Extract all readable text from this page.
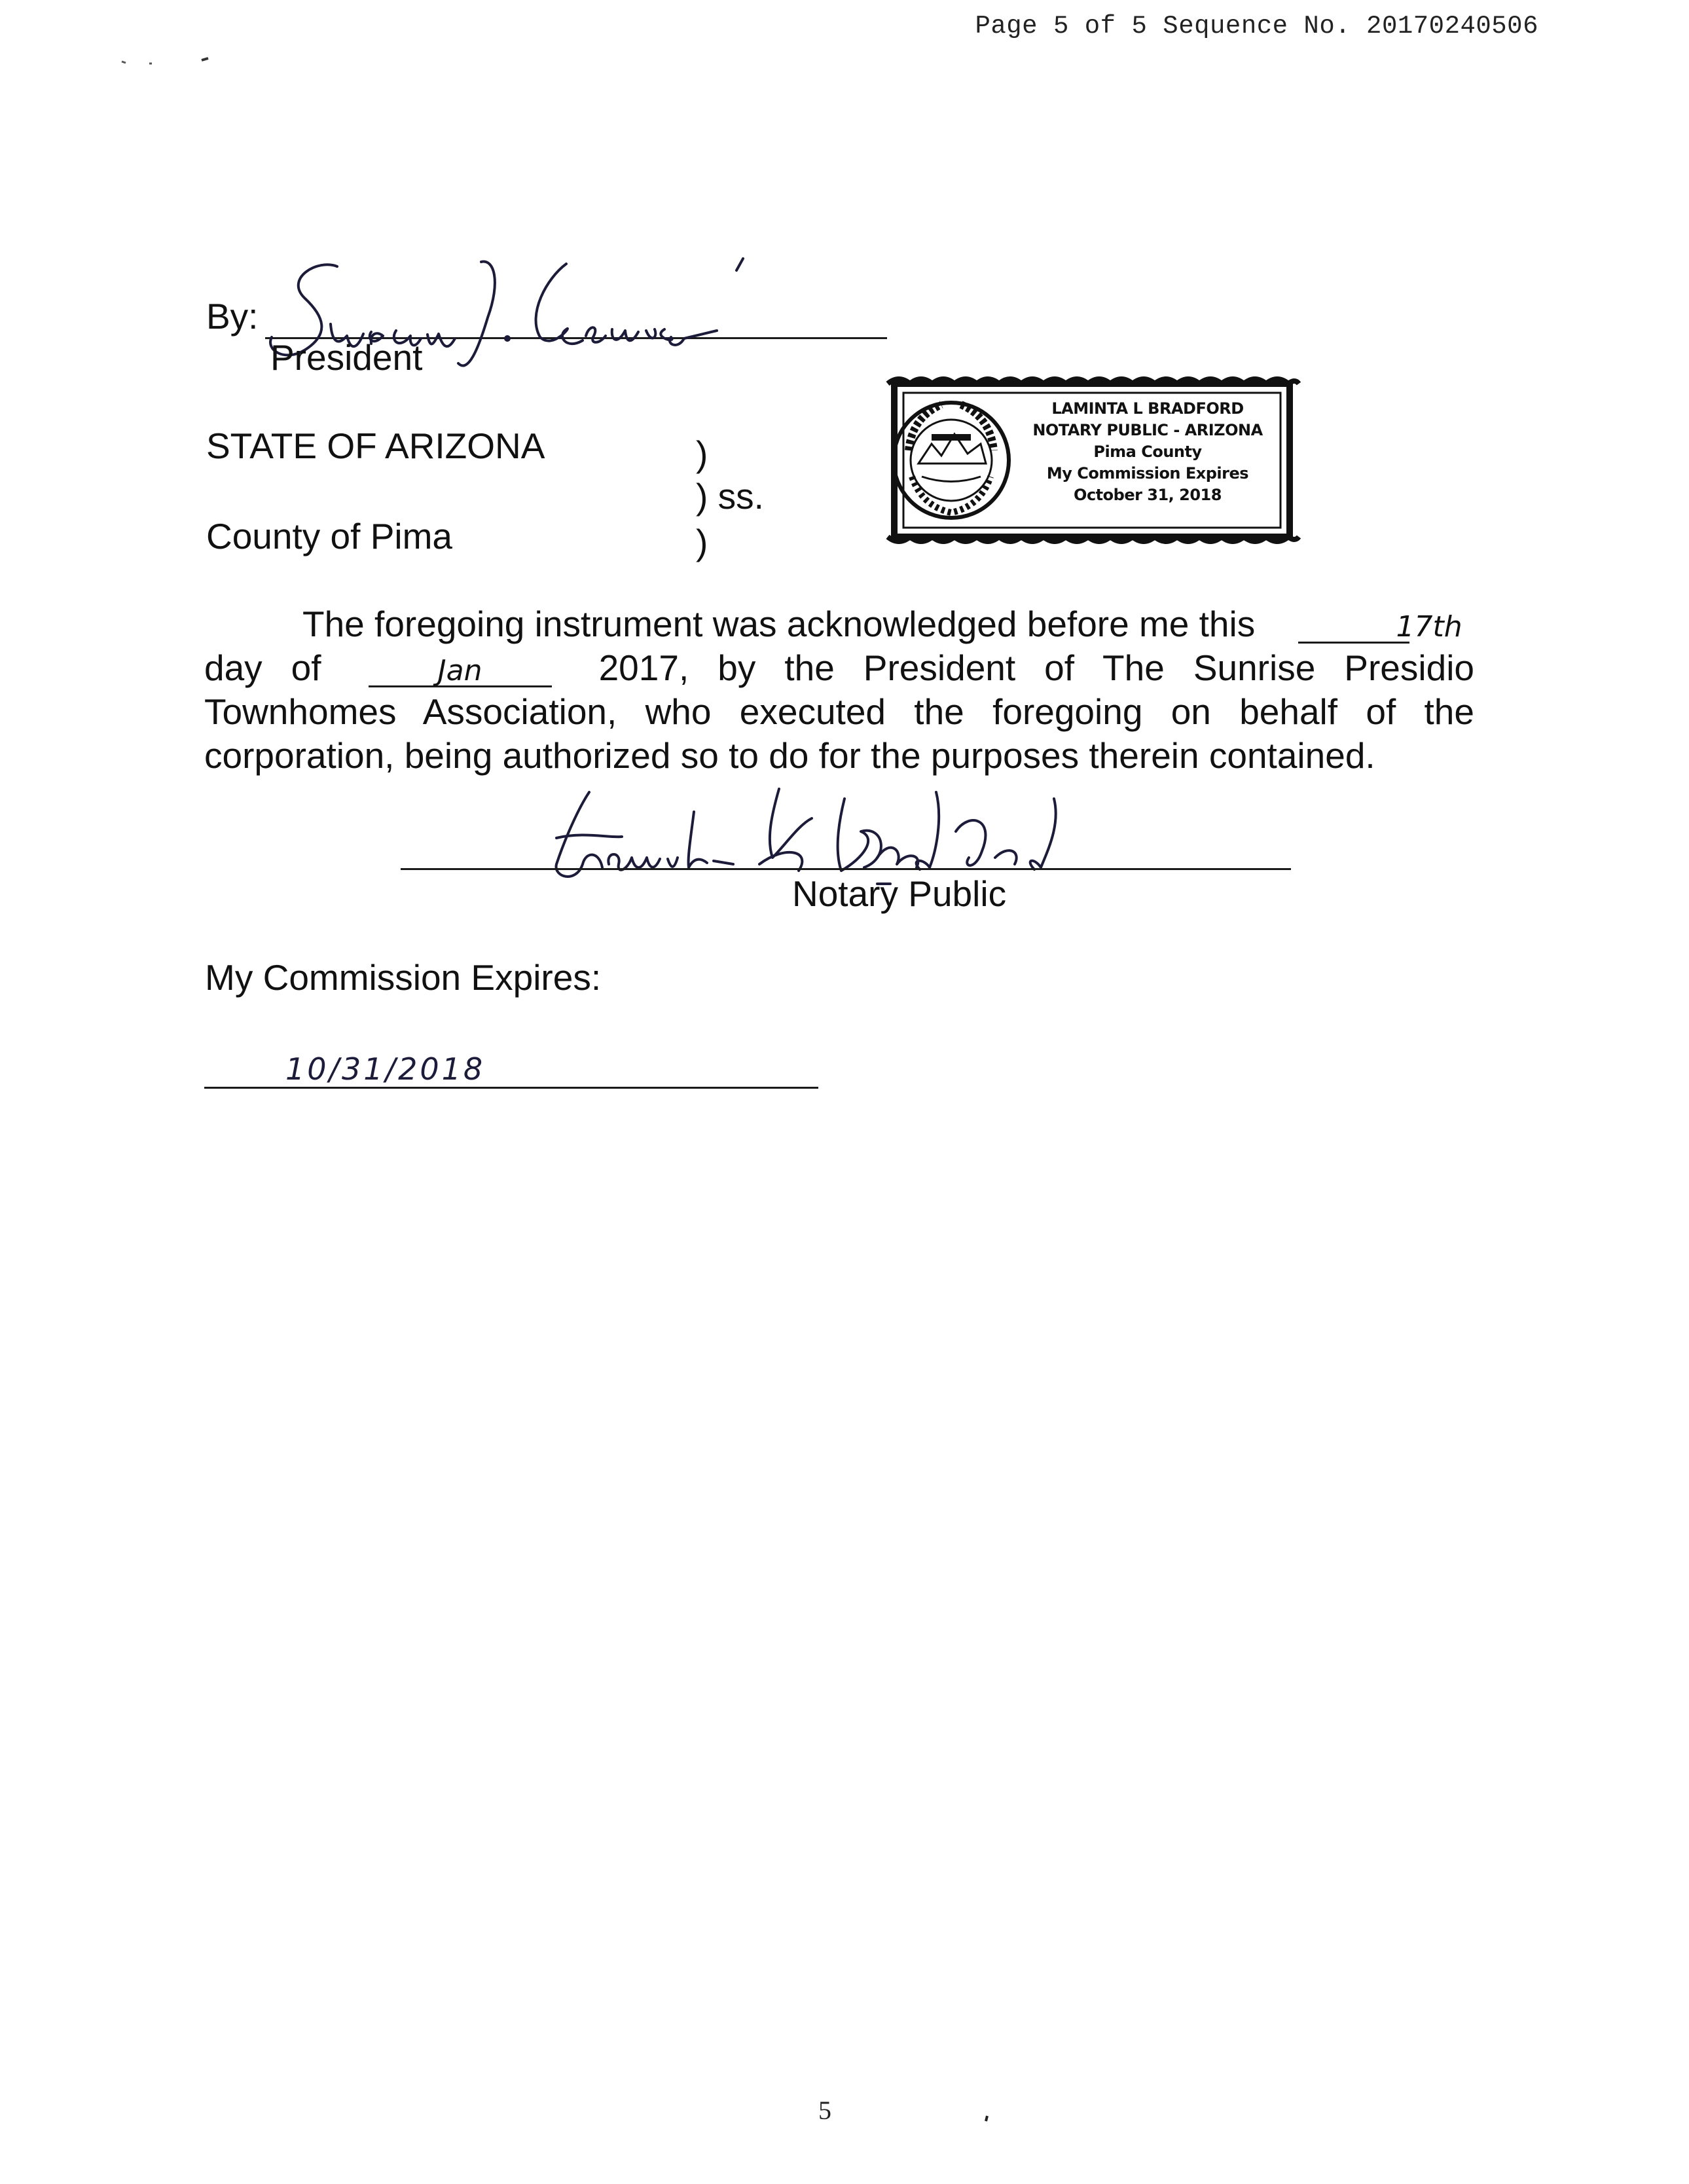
Page 5 of 5 Sequence No. 20170240506
By:
President
STATE OF ARIZONA	)
) ss.
County of Pima	)
LAMINTA L BRADFORD
NOTARY PUBLIC - ARIZONA
Pima County
My Commission Expires
October 31, 2018
The foregoing instrument was acknowledged before me this	17th
day of	Jan	2017, by the President of The Sunrise Presidio Townhomes Association, who executed the foregoing on behalf of the corporation, being authorized so to do for the purposes therein contained.
Notary Public
My Commission Expires:
10/31/2018
5
